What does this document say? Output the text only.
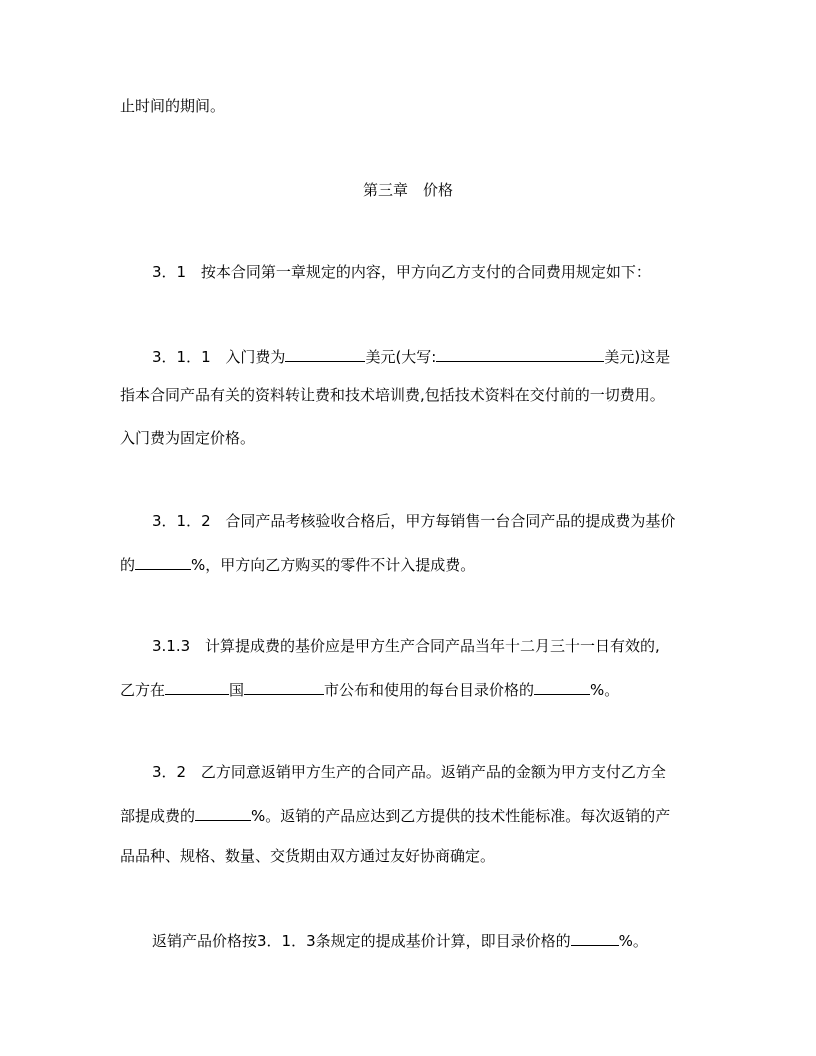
止时间的期间。
第三章　价格
3．1 按本合同第一章规定的内容，甲方向乙方支付的合同费用规定如下：
3．1．1 入门费为	美元(大写:	美元)这是
指本合同产品有关的资料转让费和技术培训费,包括技术资料在交付前的一切费用。
入门费为固定价格。
3．1．2 合同产品考核验收合格后，甲方每销售一台合同产品的提成费为基价
的	%，甲方向乙方购买的零件不计入提成费。
3.1.3 计算提成费的基价应是甲方生产合同产品当年十二月三十一日有效的,
乙方在	国	市公布和使用的每台目录价格的	%。
3．2 乙方同意返销甲方生产的合同产品。返销产品的金额为甲方支付乙方全
部提成费的	%。返销的产品应达到乙方提供的技术性能标准。每次返销的产
品品种、规格、数量、交货期由双方通过友好协商确定。
返销产品价格按3．1．3条规定的提成基价计算，即目录价格的	%。
